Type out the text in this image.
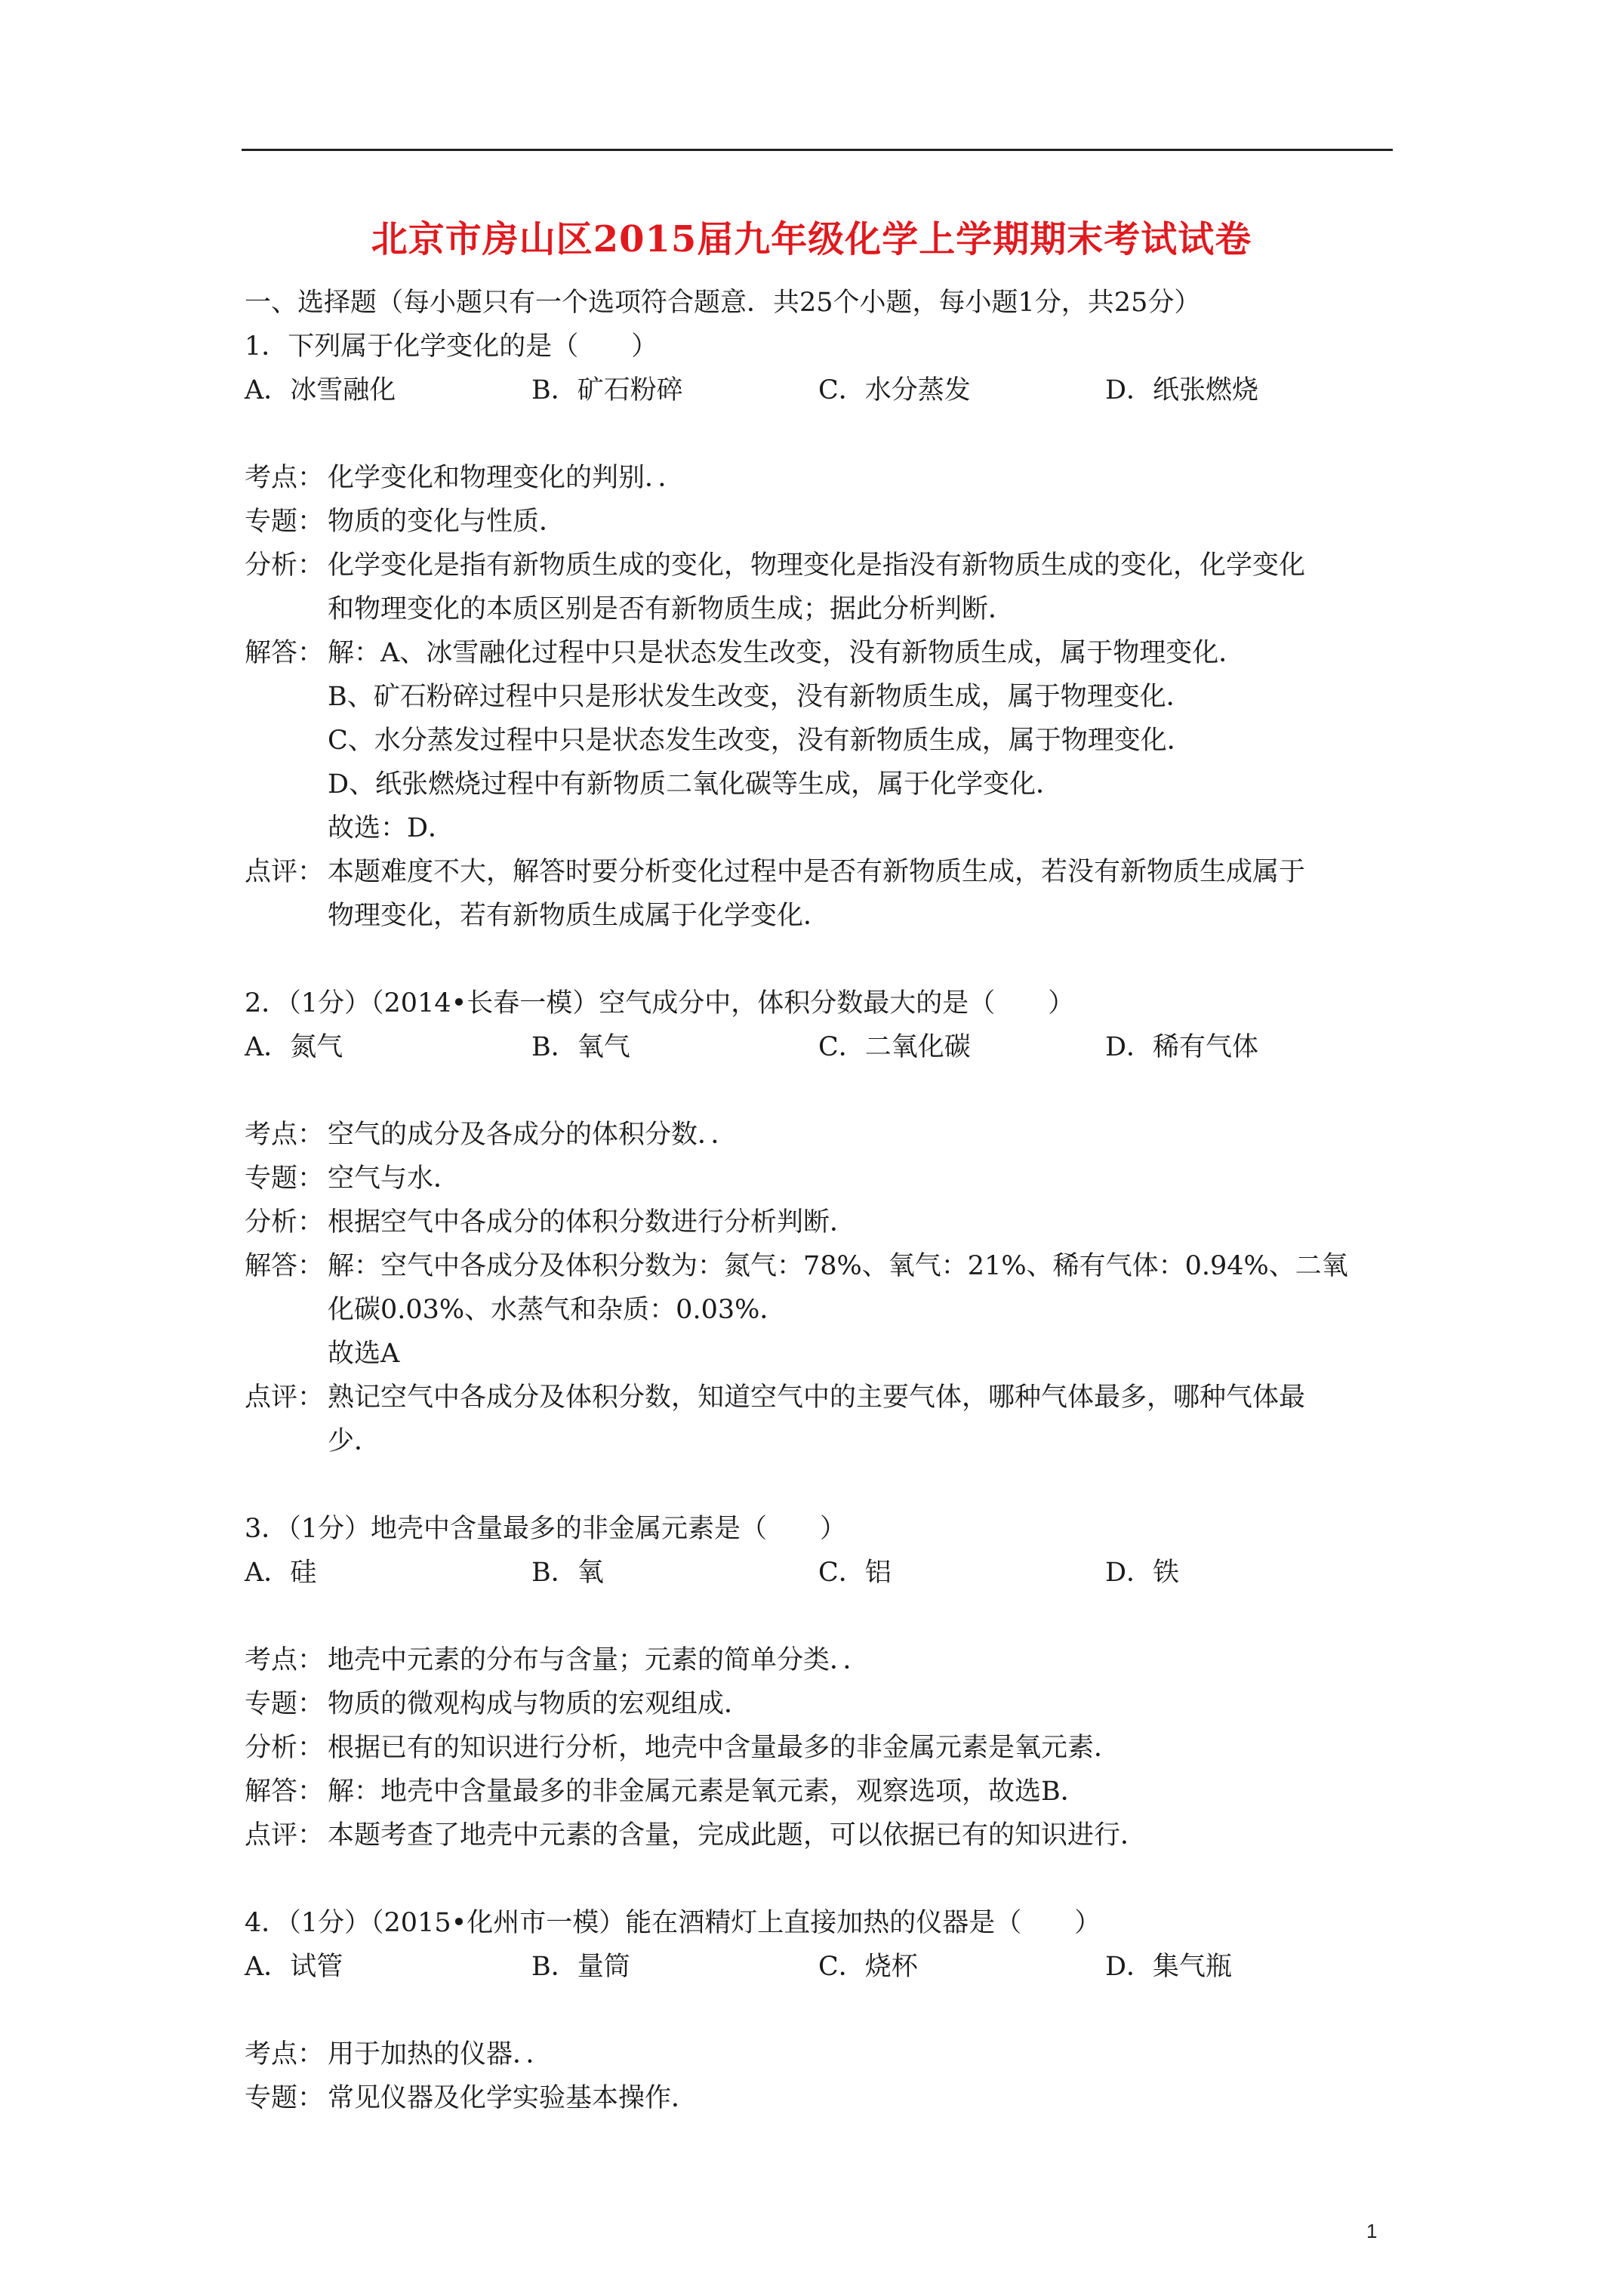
北京市房山区2015届九年级化学上学期期末考试试卷
一、选择题（每小题只有一个选项符合题意．共25个小题，每小题1分，共25分）
1．下列属于化学变化的是（　　）
A．冰雪融化	B．矿石粉碎	C．水分蒸发	D．纸张燃烧
考点： 化学变化和物理变化的判别．．
专题： 物质的变化与性质．
分析： 化学变化是指有新物质生成的变化，物理变化是指没有新物质生成的变化，化学变化
和物理变化的本质区别是否有新物质生成；据此分析判断．
解答： 解：A、冰雪融化过程中只是状态发生改变，没有新物质生成，属于物理变化．
B、矿石粉碎过程中只是形状发生改变，没有新物质生成，属于物理变化．
C、水分蒸发过程中只是状态发生改变，没有新物质生成，属于物理变化．
D、纸张燃烧过程中有新物质二氧化碳等生成，属于化学变化．
故选：D．
点评： 本题难度不大，解答时要分析变化过程中是否有新物质生成，若没有新物质生成属于
物理变化，若有新物质生成属于化学变化．
2．（1分）（2014•长春一模）空气成分中，体积分数最大的是（　　）
A．氮气	B．氧气	C．二氧化碳	D．稀有气体
考点： 空气的成分及各成分的体积分数．．
专题： 空气与水．
分析： 根据空气中各成分的体积分数进行分析判断．
解答： 解：空气中各成分及体积分数为：氮气：78%、氧气：21%、稀有气体：0.94%、二氧
化碳0.03%、水蒸气和杂质：0.03%．
故选A
点评： 熟记空气中各成分及体积分数，知道空气中的主要气体，哪种气体最多，哪种气体最
少．
3．（1分）地壳中含量最多的非金属元素是（　　）
A．硅	B．氧	C．铝	D．铁
考点： 地壳中元素的分布与含量；元素的简单分类．．
专题： 物质的微观构成与物质的宏观组成．
分析： 根据已有的知识进行分析，地壳中含量最多的非金属元素是氧元素．
解答： 解：地壳中含量最多的非金属元素是氧元素，观察选项，故选B．
点评： 本题考查了地壳中元素的含量，完成此题，可以依据已有的知识进行．
4．（1分）（2015•化州市一模）能在酒精灯上直接加热的仪器是（　　）
A．试管	B．量筒	C．烧杯	D．集气瓶
考点： 用于加热的仪器．．
专题： 常见仪器及化学实验基本操作．
1
